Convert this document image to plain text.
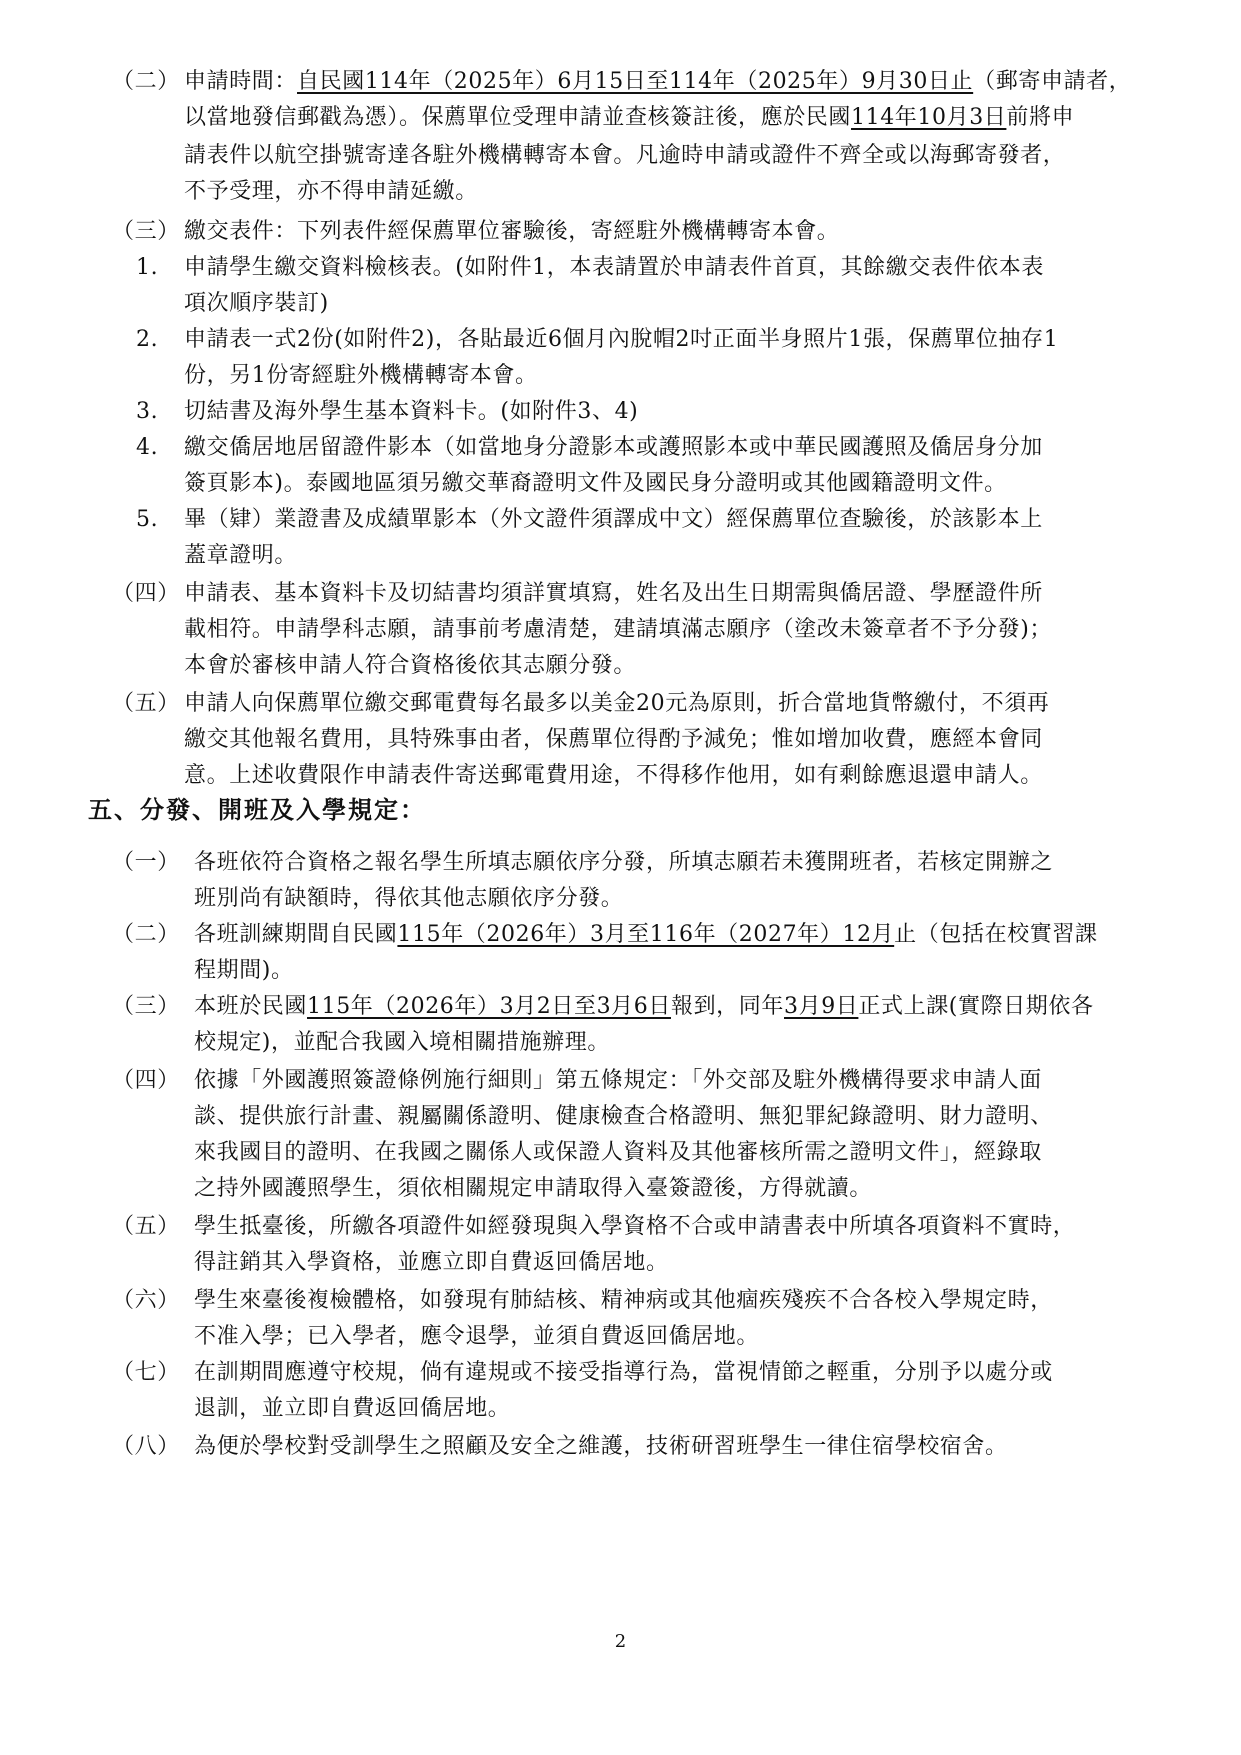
（二） 申請時間：自民國114年（2025年）6月15日至114年（2025年）9月30日止（郵寄申請者，
以當地發信郵戳為憑）。保薦單位受理申請並查核簽註後，應於民國114年10月3日前將申
請表件以航空掛號寄達各駐外機構轉寄本會。凡逾時申請或證件不齊全或以海郵寄發者，
不予受理，亦不得申請延繳。
（三） 繳交表件：下列表件經保薦單位審驗後，寄經駐外機構轉寄本會。
1. 申請學生繳交資料檢核表。(如附件1，本表請置於申請表件首頁，其餘繳交表件依本表
項次順序裝訂)
2. 申請表一式2份(如附件2)，各貼最近6個月內脫帽2吋正面半身照片1張，保薦單位抽存1
份，另1份寄經駐外機構轉寄本會。
3. 切結書及海外學生基本資料卡。(如附件3、4)
4. 繳交僑居地居留證件影本（如當地身分證影本或護照影本或中華民國護照及僑居身分加
簽頁影本)。泰國地區須另繳交華裔證明文件及國民身分證明或其他國籍證明文件。
5. 畢（肄）業證書及成績單影本（外文證件須譯成中文）經保薦單位查驗後，於該影本上
蓋章證明。
（四） 申請表、基本資料卡及切結書均須詳實填寫，姓名及出生日期需與僑居證、學歷證件所
載相符。申請學科志願，請事前考慮清楚，建請填滿志願序（塗改未簽章者不予分發)；
本會於審核申請人符合資格後依其志願分發。
（五） 申請人向保薦單位繳交郵電費每名最多以美金20元為原則，折合當地貨幣繳付，不須再
繳交其他報名費用，具特殊事由者，保薦單位得酌予減免；惟如增加收費，應經本會同
意。上述收費限作申請表件寄送郵電費用途，不得移作他用，如有剩餘應退還申請人。
五、分發、開班及入學規定：
（一） 各班依符合資格之報名學生所填志願依序分發，所填志願若未獲開班者，若核定開辦之
班別尚有缺額時，得依其他志願依序分發。
（二） 各班訓練期間自民國115年（2026年）3月至116年（2027年）12月止（包括在校實習課
程期間)。
（三） 本班於民國115年（2026年）3月2日至3月6日報到，同年3月9日正式上課(實際日期依各
校規定)，並配合我國入境相關措施辦理。
（四） 依據「外國護照簽證條例施行細則」第五條規定：「外交部及駐外機構得要求申請人面
談、提供旅行計畫、親屬關係證明、健康檢查合格證明、無犯罪紀錄證明、財力證明、
來我國目的證明、在我國之關係人或保證人資料及其他審核所需之證明文件」，經錄取
之持外國護照學生，須依相關規定申請取得入臺簽證後，方得就讀。
（五） 學生抵臺後，所繳各項證件如經發現與入學資格不合或申請書表中所填各項資料不實時，
得註銷其入學資格，並應立即自費返回僑居地。
（六） 學生來臺後複檢體格，如發現有肺結核、精神病或其他痼疾殘疾不合各校入學規定時，
不准入學；已入學者，應令退學，並須自費返回僑居地。
（七） 在訓期間應遵守校規，倘有違規或不接受指導行為，當視情節之輕重，分別予以處分或
退訓，並立即自費返回僑居地。
（八） 為便於學校對受訓學生之照顧及安全之維護，技術研習班學生一律住宿學校宿舍。
2
